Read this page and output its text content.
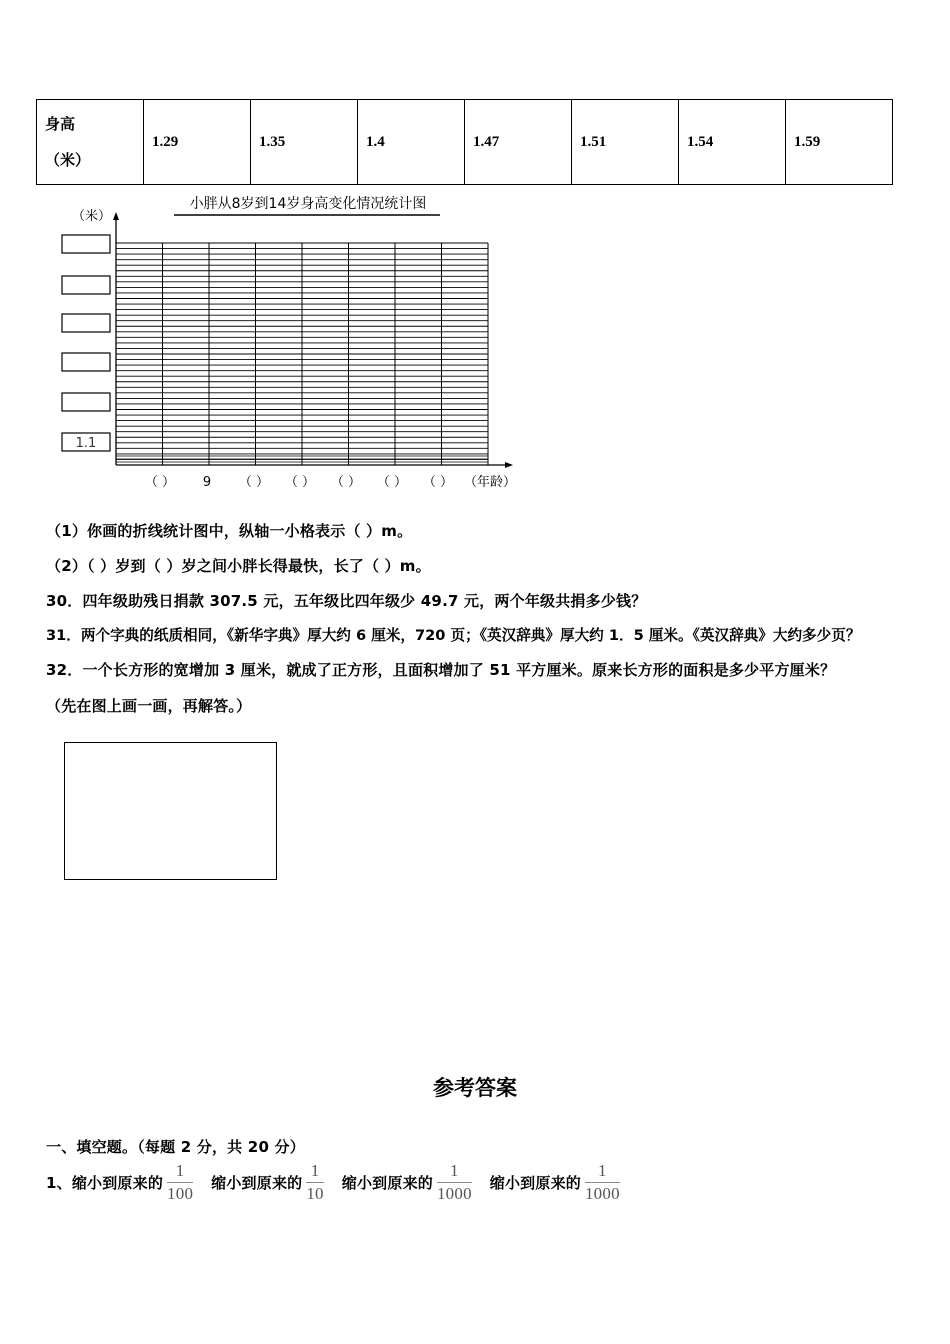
身高
（米）
	1.29	1.35	1.4	1.47	1.51	1.54	1.59
小胖从8岁到14岁身高变化情况统计图
（米）
（年龄）
1.1
（ ） 9 （ ） （ ） （ ） （ ） （ ）
（1）你画的折线统计图中，纵轴一小格表示（ ）m。
（2）（ ）岁到（ ）岁之间小胖长得最快，长了（ ）m。
30．四年级助残日捐款 307.5 元，五年级比四年级少 49.7 元，两个年级共捐多少钱？
31．两个字典的纸质相同，《新华字典》厚大约 6 厘米，720 页；《英汉辞典》厚大约 1．5 厘米。《英汉辞典》大约多少页？
32．一个长方形的宽增加 3 厘米，就成了正方形，且面积增加了 51 平方厘米。原来长方形的面积是多少平方厘米？
（先在图上画一画，再解答。）
参考答案
一、填空题。（每题 2 分，共 20 分）
1、缩小到原来的 $\frac{1}{100}$ 缩小到原来的 $\frac{1}{10}$ 缩小到原来的 $\frac{1}{1000}$ 缩小到原来的 $\frac{1}{1000}$
